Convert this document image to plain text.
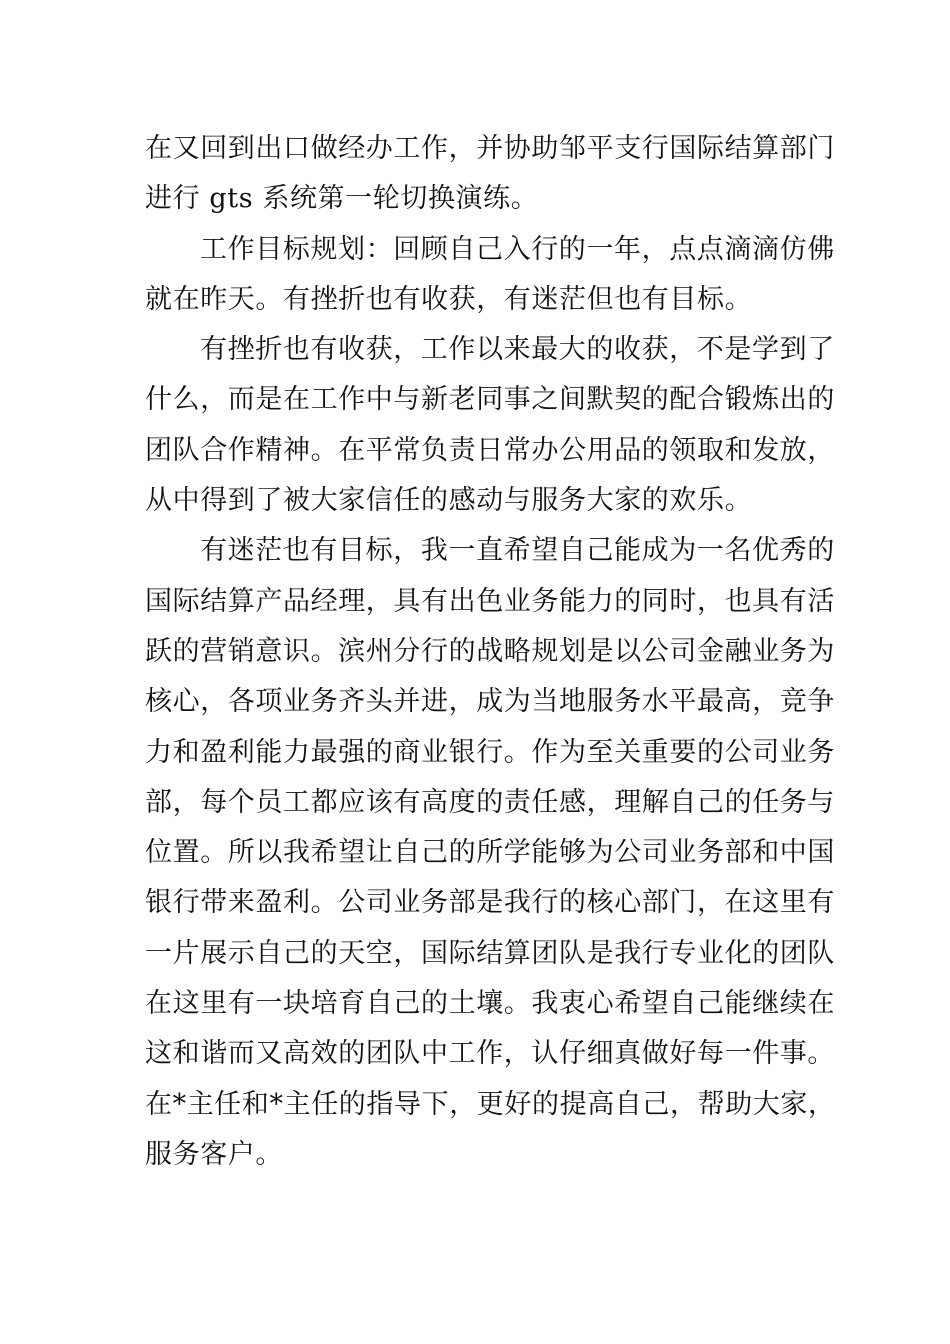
在又回到出口做经办工作，并协助邹平支行国际结算部门
进行 gts 系统第一轮切换演练。
工作目标规划：回顾自己入行的一年，点点滴滴仿佛
就在昨天。有挫折也有收获，有迷茫但也有目标。
有挫折也有收获，工作以来最大的收获，不是学到了
什么，而是在工作中与新老同事之间默契的配合锻炼出的
团队合作精神。在平常负责日常办公用品的领取和发放，
从中得到了被大家信任的感动与服务大家的欢乐。
有迷茫也有目标，我一直希望自己能成为一名优秀的
国际结算产品经理，具有出色业务能力的同时，也具有活
跃的营销意识。滨州分行的战略规划是以公司金融业务为
核心，各项业务齐头并进，成为当地服务水平最高，竞争
力和盈利能力最强的商业银行。作为至关重要的公司业务
部，每个员工都应该有高度的责任感，理解自己的任务与
位置。所以我希望让自己的所学能够为公司业务部和中国
银行带来盈利。公司业务部是我行的核心部门，在这里有
一片展示自己的天空，国际结算团队是我行专业化的团队
在这里有一块培育自己的土壤。我衷心希望自己能继续在
这和谐而又高效的团队中工作，认仔细真做好每一件事。
在*主任和*主任的指导下，更好的提高自己，帮助大家，
服务客户。
